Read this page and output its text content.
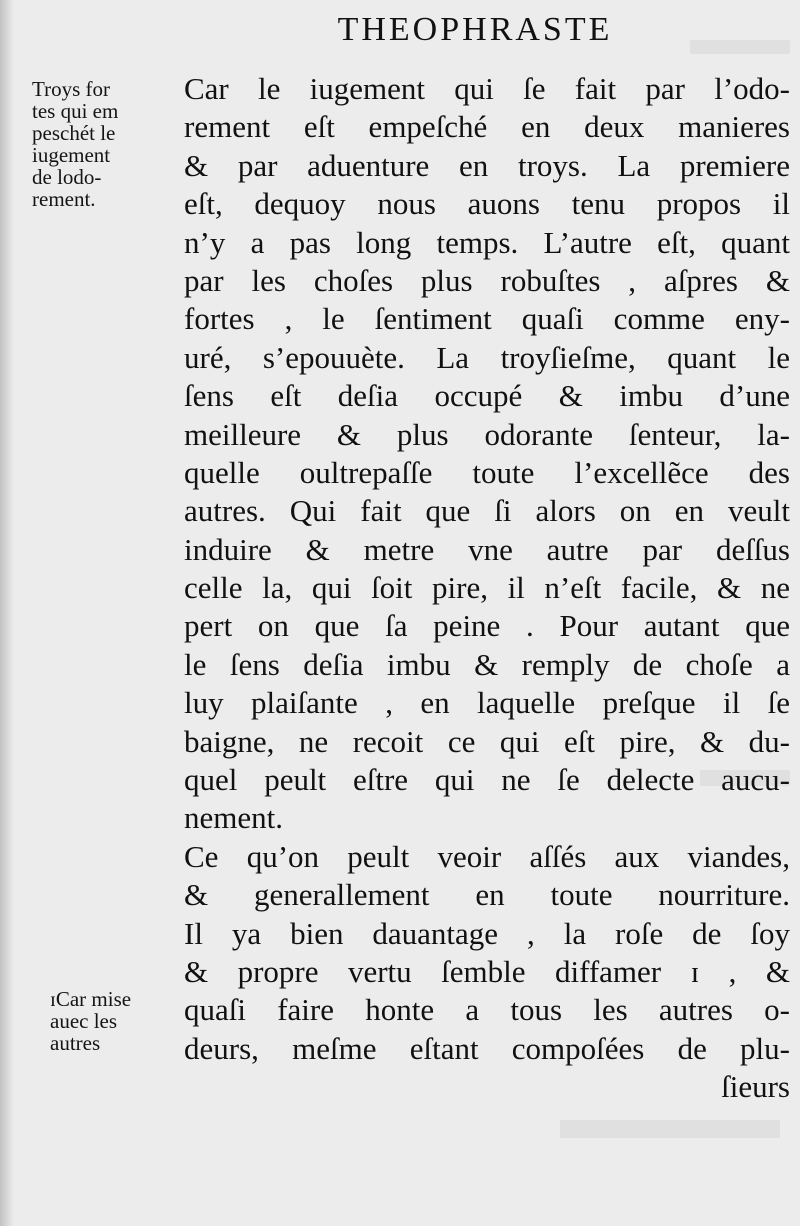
THEOPHRASTE
Troys for
tes qui em
peschét le
iugement
de lodo-
rement.
ɪCar mise
auec les
autres
Car le iugement qui ſe fait par l’odo-
rement eſt empeſché en deux manieres
& par aduenture en troys. La premiere
eſt, dequoy nous auons tenu propos il
n’y a pas long temps. L’autre eſt, quant
par les choſes plus robuſtes , aſpres &
fortes , le ſentiment quaſi comme eny-
uré, s’epouuète. La troyſieſme, quant le
ſens eſt deſia occupé & imbu d’une
meilleure & plus odorante ſenteur, la-
quelle oultrepaſſe toute l’excellẽce des
autres. Qui fait que ſi alors on en veult
induire & metre vne autre par deſſus
celle la, qui ſoit pire, il n’eſt facile, & ne
pert on que ſa peine . Pour autant que
le ſens deſia imbu & remply de choſe a
luy plaiſante , en laquelle preſque il ſe
baigne, ne recoit ce qui eſt pire, & du-
quel peult eſtre qui ne ſe delecte aucu-
nement.
Ce qu’on peult veoir aſſés aux viandes,
& generallement en toute nourriture.
Il ya bien dauantage , la roſe de ſoy
& propre vertu ſemble diffamer ɪ , &
quaſi faire honte a tous les autres o-
deurs, meſme eſtant compoſées de plu-
ſieurs
